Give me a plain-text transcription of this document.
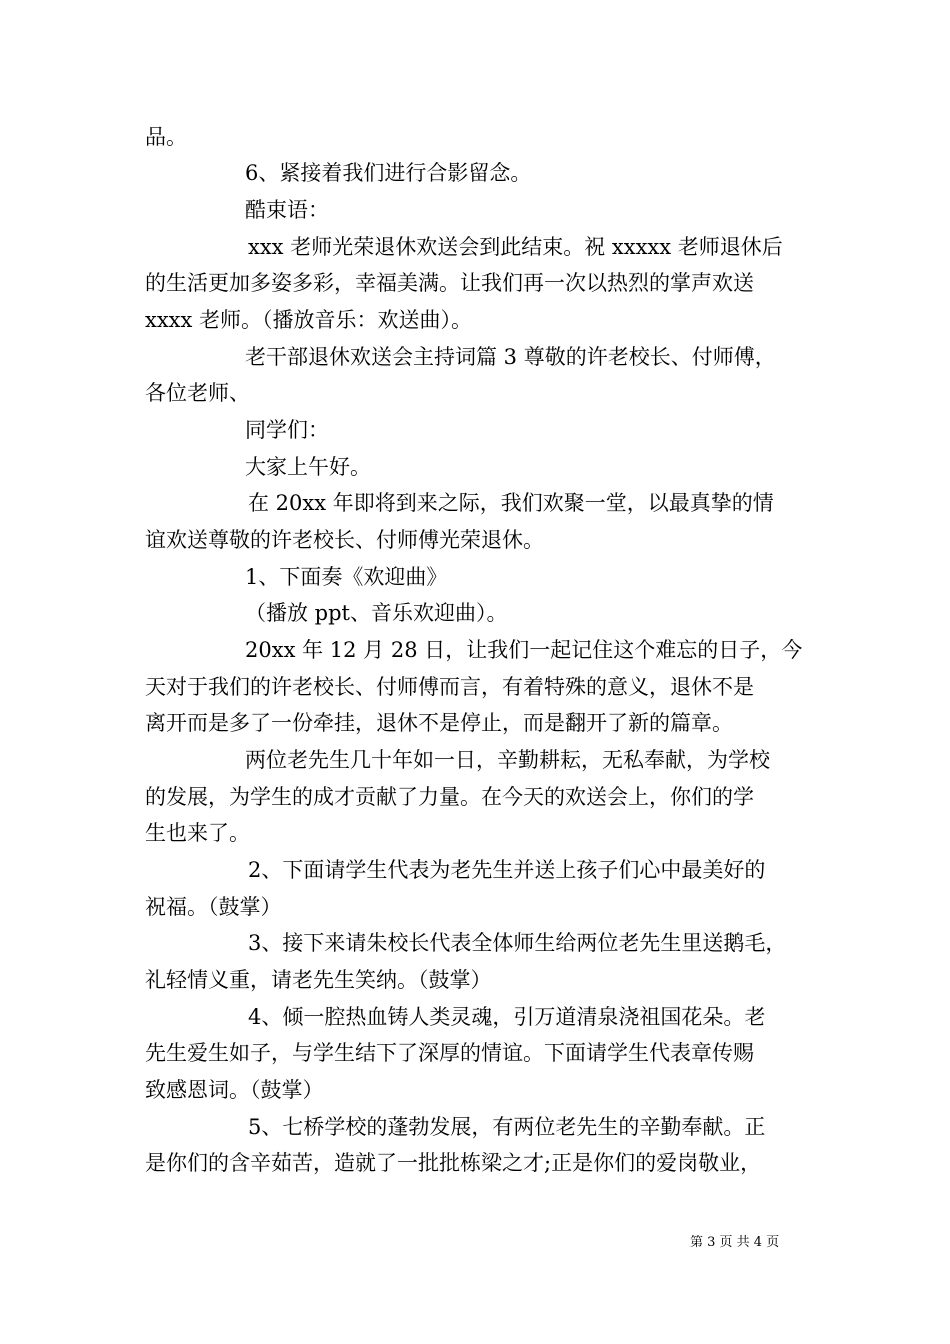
品。
6、紧接着我们进行合影留念。
酷束语：
xxx 老师光荣退休欢送会到此结束。祝 xxxxx 老师退休后
的生活更加多姿多彩，幸福美满。让我们再一次以热烈的掌声欢送
xxxx 老师。（播放音乐：欢送曲）。
老干部退休欢送会主持词篇 3 尊敬的许老校长、付师傅，
各位老师、
同学们：
大家上午好。
在 20xx 年即将到来之际，我们欢聚一堂，以最真挚的情
谊欢送尊敬的许老校长、付师傅光荣退休。
1、下面奏《欢迎曲》
（播放 ppt、音乐欢迎曲）。
20xx 年 12 月 28 日，让我们一起记住这个难忘的日子，今
天对于我们的许老校长、付师傅而言，有着特殊的意义，退休不是
离开而是多了一份牵挂，退休不是停止，而是翻开了新的篇章。
两位老先生几十年如一日，辛勤耕耘，无私奉献，为学校
的发展，为学生的成才贡献了力量。在今天的欢送会上，你们的学
生也来了。
2、下面请学生代表为老先生并送上孩子们心中最美好的
祝福。（鼓掌）
3、接下来请朱校长代表全体师生给两位老先生里送鹅毛，
礼轻情义重，请老先生笑纳。（鼓掌）
4、倾一腔热血铸人类灵魂，引万道清泉浇祖国花朵。老
先生爱生如子，与学生结下了深厚的情谊。下面请学生代表章传赐
致感恩词。（鼓掌）
5、七桥学校的蓬勃发展，有两位老先生的辛勤奉献。正
是你们的含辛茹苦，造就了一批批栋梁之才;正是你们的爱岗敬业，
第 3 页 共 4 页
